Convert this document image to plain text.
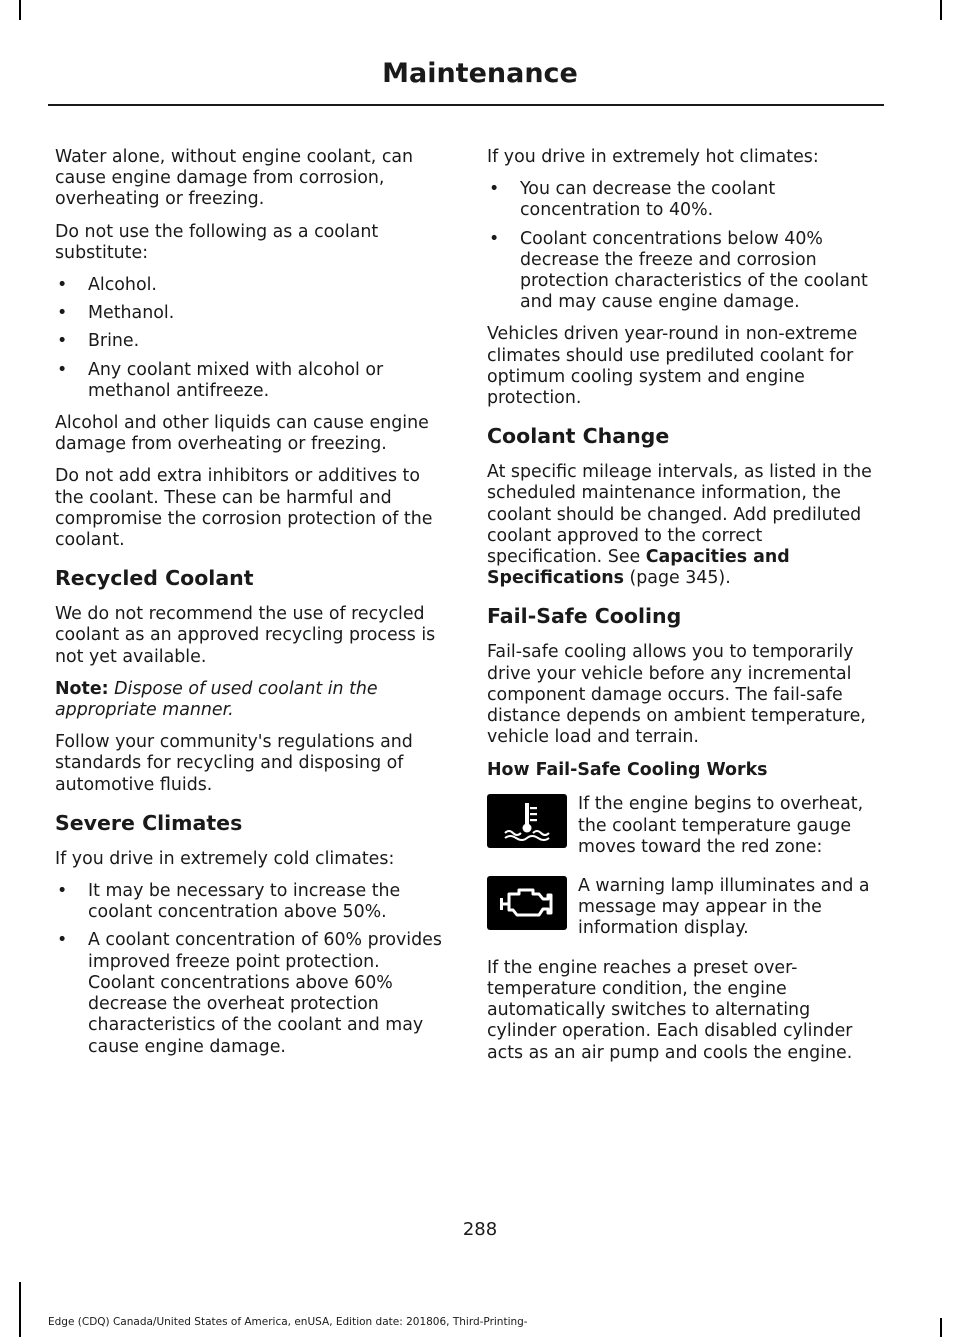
Maintenance

Water alone, without engine coolant, can cause engine damage from corrosion, overheating or freezing.

Do not use the following as a coolant substitute:

• Alcohol.
• Methanol.
• Brine.
• Any coolant mixed with alcohol or methanol antifreeze.

Alcohol and other liquids can cause engine damage from overheating or freezing.

Do not add extra inhibitors or additives to the coolant. These can be harmful and compromise the corrosion protection of the coolant.

Recycled Coolant

We do not recommend the use of recycled coolant as an approved recycling process is not yet available.

Note: Dispose of used coolant in the appropriate manner.

Follow your community's regulations and standards for recycling and disposing of automotive fluids.

Severe Climates

If you drive in extremely cold climates:

• It may be necessary to increase the coolant concentration above 50%.
• A coolant concentration of 60% provides improved freeze point protection. Coolant concentrations above 60% decrease the overheat protection characteristics of the coolant and may cause engine damage.

If you drive in extremely hot climates:

• You can decrease the coolant concentration to 40%.
• Coolant concentrations below 40% decrease the freeze and corrosion protection characteristics of the coolant and may cause engine damage.

Vehicles driven year-round in non-extreme climates should use prediluted coolant for optimum cooling system and engine protection.

Coolant Change

At specific mileage intervals, as listed in the scheduled maintenance information, the coolant should be changed. Add prediluted coolant approved to the correct specification. See Capacities and Specifications (page 345).

Fail-Safe Cooling

Fail-safe cooling allows you to temporarily drive your vehicle before any incremental component damage occurs. The fail-safe distance depends on ambient temperature, vehicle load and terrain.

How Fail-Safe Cooling Works
If the engine begins to overheat, the coolant temperature gauge moves toward the red zone:
A warning lamp illuminates and a message may appear in the information display.

If the engine reaches a preset over-temperature condition, the engine automatically switches to alternating cylinder operation. Each disabled cylinder acts as an air pump and cools the engine.

288
Edge (CDQ) Canada/United States of America, enUSA, Edition date: 201806, Third-Printing-
